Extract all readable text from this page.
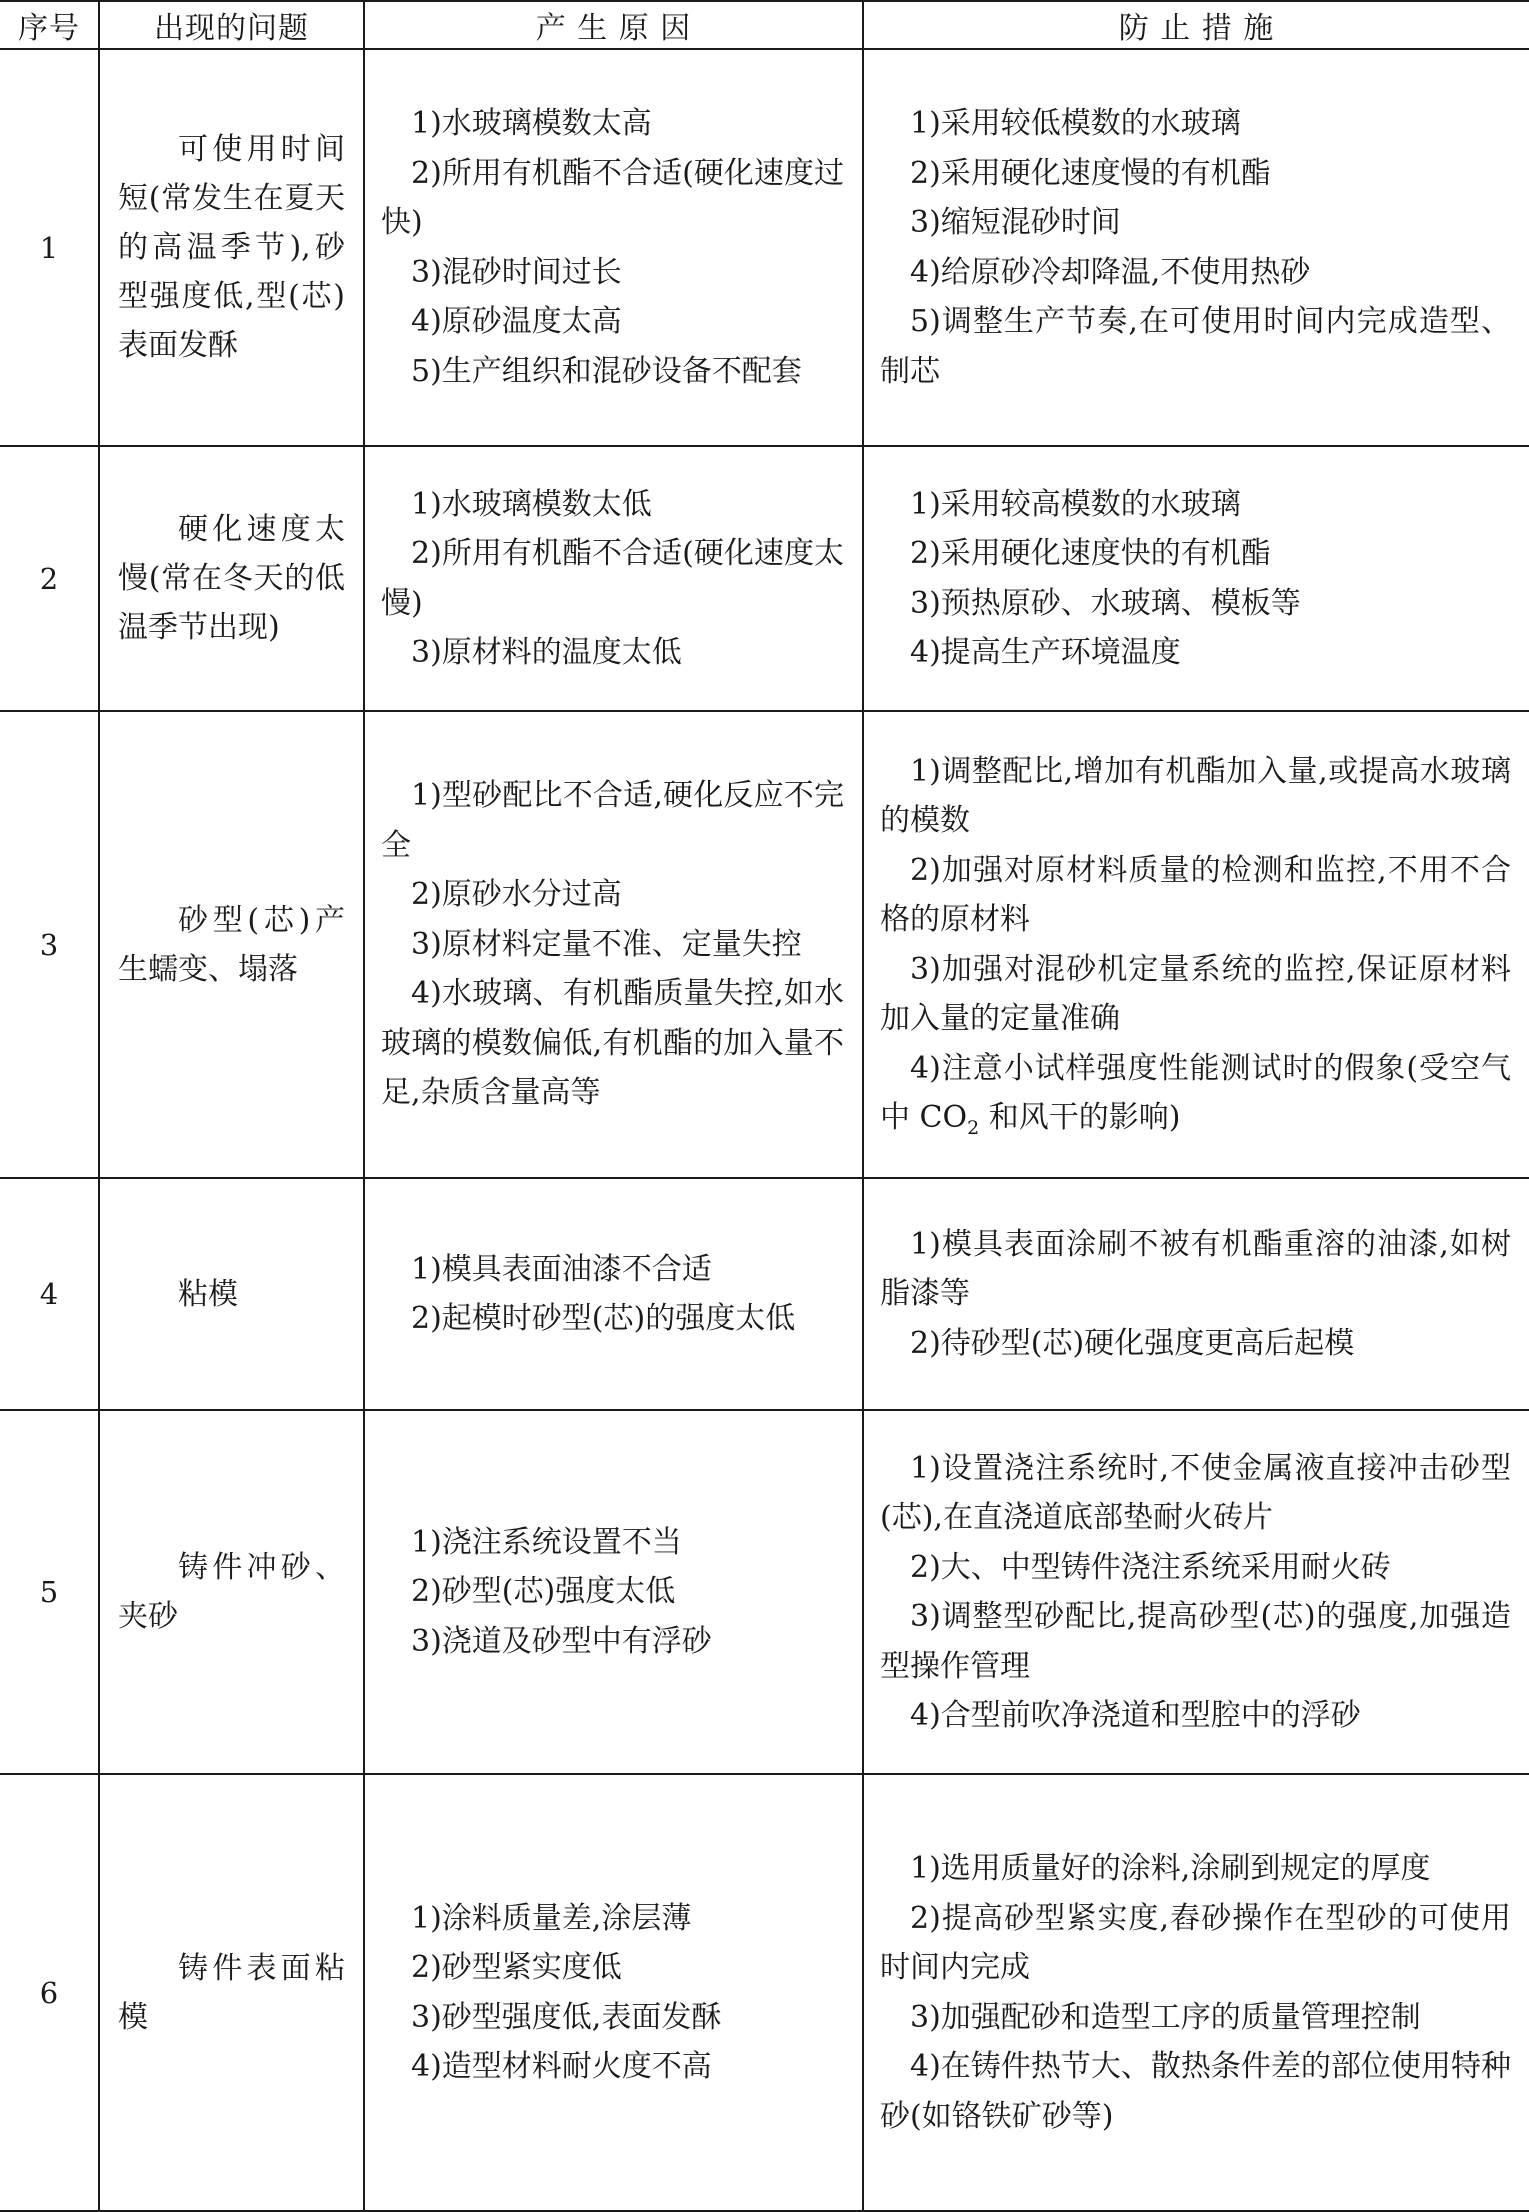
序号	出现的问题	产 生 原 因	防 止 措 施
1	可使用时间短(常发生在夏天的高温季节),砂型强度低,型(芯)表面发酥	1)水玻璃模数太高
2)所用有机酯不合适(硬化速度过快)
3)混砂时间过长
4)原砂温度太高
5)生产组织和混砂设备不配套	1)采用较低模数的水玻璃
2)采用硬化速度慢的有机酯
3)缩短混砂时间
4)给原砂冷却降温,不使用热砂
5)调整生产节奏,在可使用时间内完成造型、制芯

2	硬化速度太慢(常在冬天的低温季节出现)	1)水玻璃模数太低
2)所用有机酯不合适(硬化速度太慢)
3)原材料的温度太低	1)采用较高模数的水玻璃
2)采用硬化速度快的有机酯
3)预热原砂、水玻璃、模板等
4)提高生产环境温度

3	砂型(芯)产生蠕变、塌落	1)型砂配比不合适,硬化反应不完全
2)原砂水分过高
3)原材料定量不准、定量失控
4)水玻璃、有机酯质量失控,如水玻璃的模数偏低,有机酯的加入量不足,杂质含量高等	1)调整配比,增加有机酯加入量,或提高水玻璃的模数
2)加强对原材料质量的检测和监控,不用不合格的原材料
3)加强对混砂机定量系统的监控,保证原材料加入量的定量准确
4)注意小试样强度性能测试时的假象(受空气中 $CO_2$ 和风干的影响)

4	粘模	1)模具表面油漆不合适
2)起模时砂型(芯)的强度太低	1)模具表面涂刷不被有机酯重溶的油漆,如树脂漆等
2)待砂型(芯)硬化强度更高后起模

5	铸件冲砂、夹砂	1)浇注系统设置不当
2)砂型(芯)强度太低
3)浇道及砂型中有浮砂	1)设置浇注系统时,不使金属液直接冲击砂型(芯),在直浇道底部垫耐火砖片
2)大、中型铸件浇注系统采用耐火砖
3)调整型砂配比,提高砂型(芯)的强度,加强造型操作管理
4)合型前吹净浇道和型腔中的浮砂

6	铸件表面粘模	1)涂料质量差,涂层薄
2)砂型紧实度低
3)砂型强度低,表面发酥
4)造型材料耐火度不高	1)选用质量好的涂料,涂刷到规定的厚度
2)提高砂型紧实度,舂砂操作在型砂的可使用时间内完成
3)加强配砂和造型工序的质量管理控制
4)在铸件热节大、散热条件差的部位使用特种砂(如铬铁矿砂等)
